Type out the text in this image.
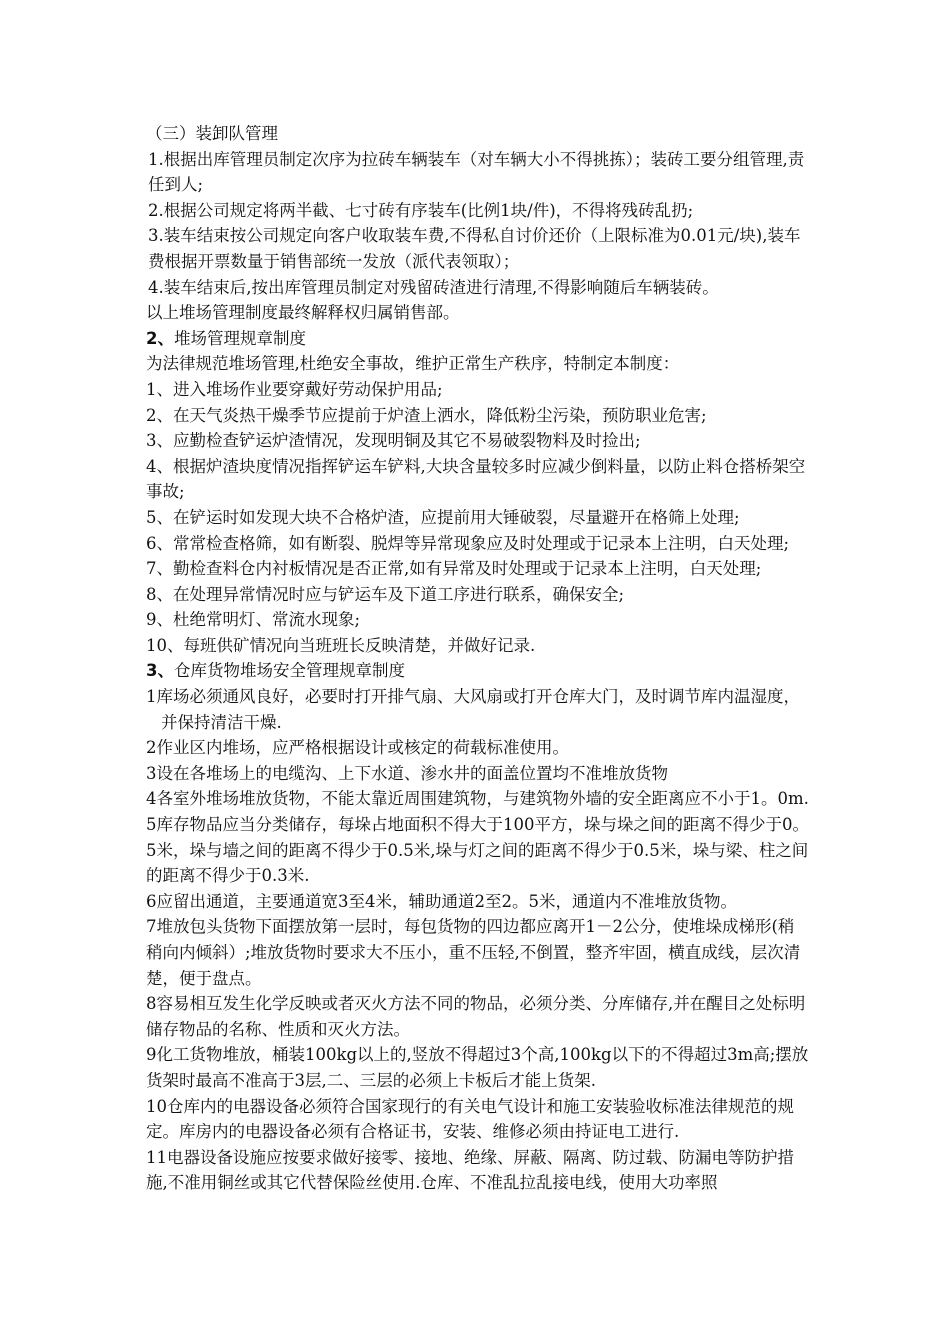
（三）装卸队管理

1.根据出库管理员制定次序为拉砖车辆装车（对车辆大小不得挑拣）；装砖工要分组管理,责任到人;

2.根据公司规定将两半截、七寸砖有序装车(比例1块/件)，不得将残砖乱扔;

3.装车结束按公司规定向客户收取装车费,不得私自讨价还价（上限标准为0.01元/块),装车费根据开票数量于销售部统一发放（派代表领取）；

4.装车结束后,按出库管理员制定对残留砖渣进行清理,不得影响随后车辆装砖。

以上堆场管理制度最终解释权归属销售部。

2、堆场管理规章制度

为法律规范堆场管理,杜绝安全事故，维护正常生产秩序，特制定本制度：

1、进入堆场作业要穿戴好劳动保护用品;

2、在天气炎热干燥季节应提前于炉渣上洒水，降低粉尘污染，预防职业危害;

3、应勤检查铲运炉渣情况，发现明铜及其它不易破裂物料及时捡出;

4、根据炉渣块度情况指挥铲运车铲料,大块含量较多时应减少倒料量，以防止料仓搭桥架空事故;

5、在铲运时如发现大块不合格炉渣，应提前用大锤破裂，尽量避开在格筛上处理;

6、常常检查格筛，如有断裂、脱焊等异常现象应及时处理或于记录本上注明，白天处理;

7、勤检查料仓内衬板情况是否正常,如有异常及时处理或于记录本上注明，白天处理;

8、在处理异常情况时应与铲运车及下道工序进行联系，确保安全;

9、杜绝常明灯、常流水现象;

10、每班供矿情况向当班班长反映清楚，并做好记录.

3、仓库货物堆场安全管理规章制度

1库场必须通风良好，必要时打开排气扇、大风扇或打开仓库大门，及时调节库内温湿度，并保持清洁干燥.

2作业区内堆场，应严格根据设计或核定的荷载标准使用。

3设在各堆场上的电缆沟、上下水道、渗水井的面盖位置均不准堆放货物

4各室外堆场堆放货物，不能太靠近周围建筑物，与建筑物外墙的安全距离应不小于1。0m.

5库存物品应当分类储存，每垛占地面积不得大于100平方，垛与垛之间的距离不得少于0。5米，垛与墙之间的距离不得少于0.5米,垛与灯之间的距离不得少于0.5米，垛与梁、柱之间的距离不得少于0.3米.

6应留出通道，主要通道宽3至4米，辅助通道2至2。5米，通道内不准堆放货物。

7堆放包头货物下面摆放第一层时，每包货物的四边都应离开1－2公分，使堆垛成梯形(稍稍向内倾斜）;堆放货物时要求大不压小，重不压轻,不倒置，整齐牢固，横直成线，层次清楚，便于盘点。

8容易相互发生化学反映或者灭火方法不同的物品，必须分类、分库储存,并在醒目之处标明储存物品的名称、性质和灭火方法。

9化工货物堆放，桶装100kg以上的,竖放不得超过3个高,100kg以下的不得超过3m高;摆放货架时最高不准高于3层,二、三层的必须上卡板后才能上货架.

10仓库内的电器设备必须符合国家现行的有关电气设计和施工安装验收标准法律规范的规定。库房内的电器设备必须有合格证书，安装、维修必须由持证电工进行.

11电器设备设施应按要求做好接零、接地、绝缘、屏蔽、隔离、防过载、防漏电等防护措施,不准用铜丝或其它代替保险丝使用.仓库、不准乱拉乱接电线，使用大功率照
